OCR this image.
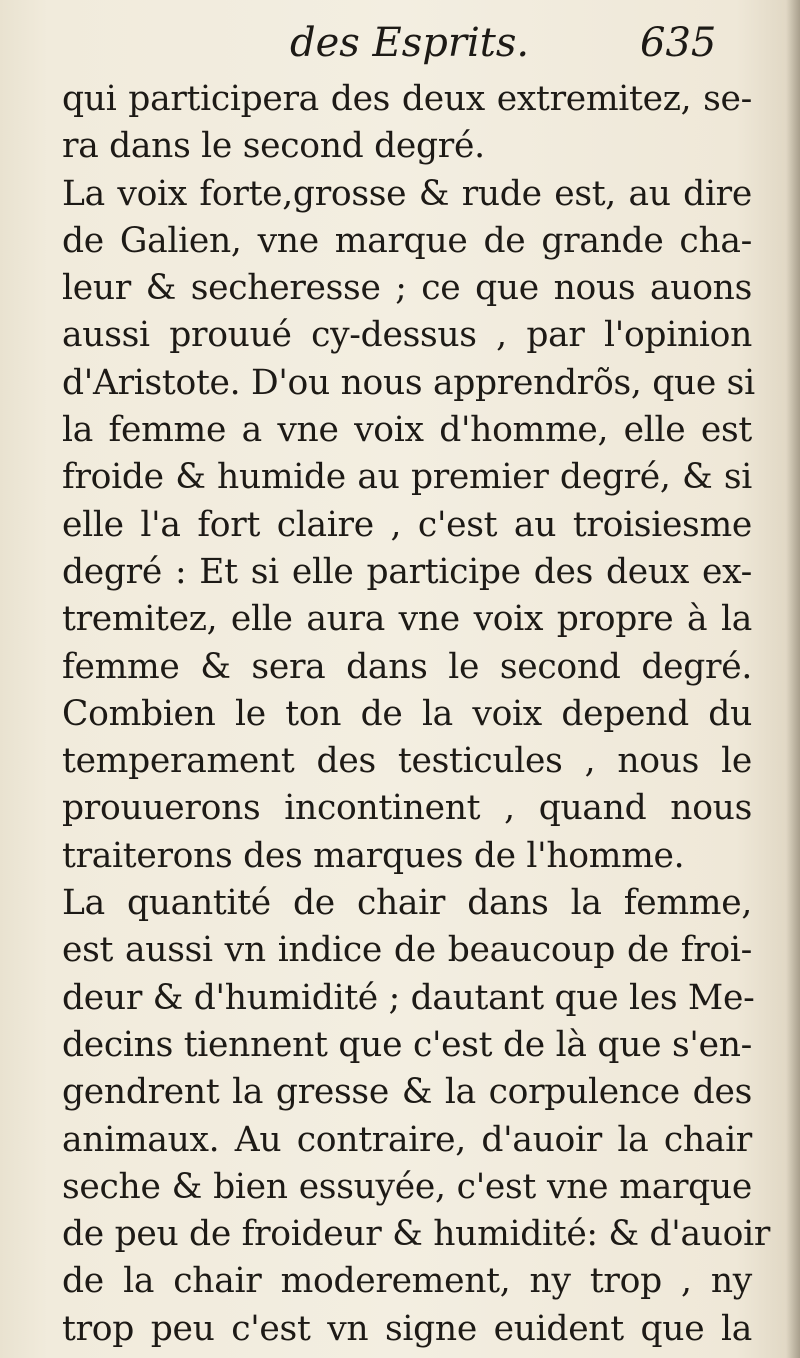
des Esprits.	635
qui participera des deux extremitez, se-
ra dans le second degré.
La voix forte,grosse & rude est, au dire
de Galien, vne marque de grande cha-
leur & secheresse ; ce que nous auons
aussi prouué cy-dessus , par l'opinion
d'Aristote. D'ou nous apprendrõs, que si
la femme a vne voix d'homme, elle est
froide & humide au premier degré, & si
elle l'a fort claire , c'est au troisiesme
degré : Et si elle participe des deux ex-
tremitez, elle aura vne voix propre à la
femme & sera dans le second degré.
Combien le ton de la voix depend du
temperament des testicules , nous le
prouuerons incontinent , quand nous
traiterons des marques de l'homme.
La quantité de chair dans la femme,
est aussi vn indice de beaucoup de froi-
deur & d'humidité ; dautant que les Me-
decins tiennent que c'est de là que s'en-
gendrent la gresse & la corpulence des
animaux. Au contraire, d'auoir la chair
seche & bien essuyée, c'est vne marque
de peu de froideur & humidité: & d'auoir
de la chair moderement, ny trop , ny
trop peu c'est vn signe euident que la
